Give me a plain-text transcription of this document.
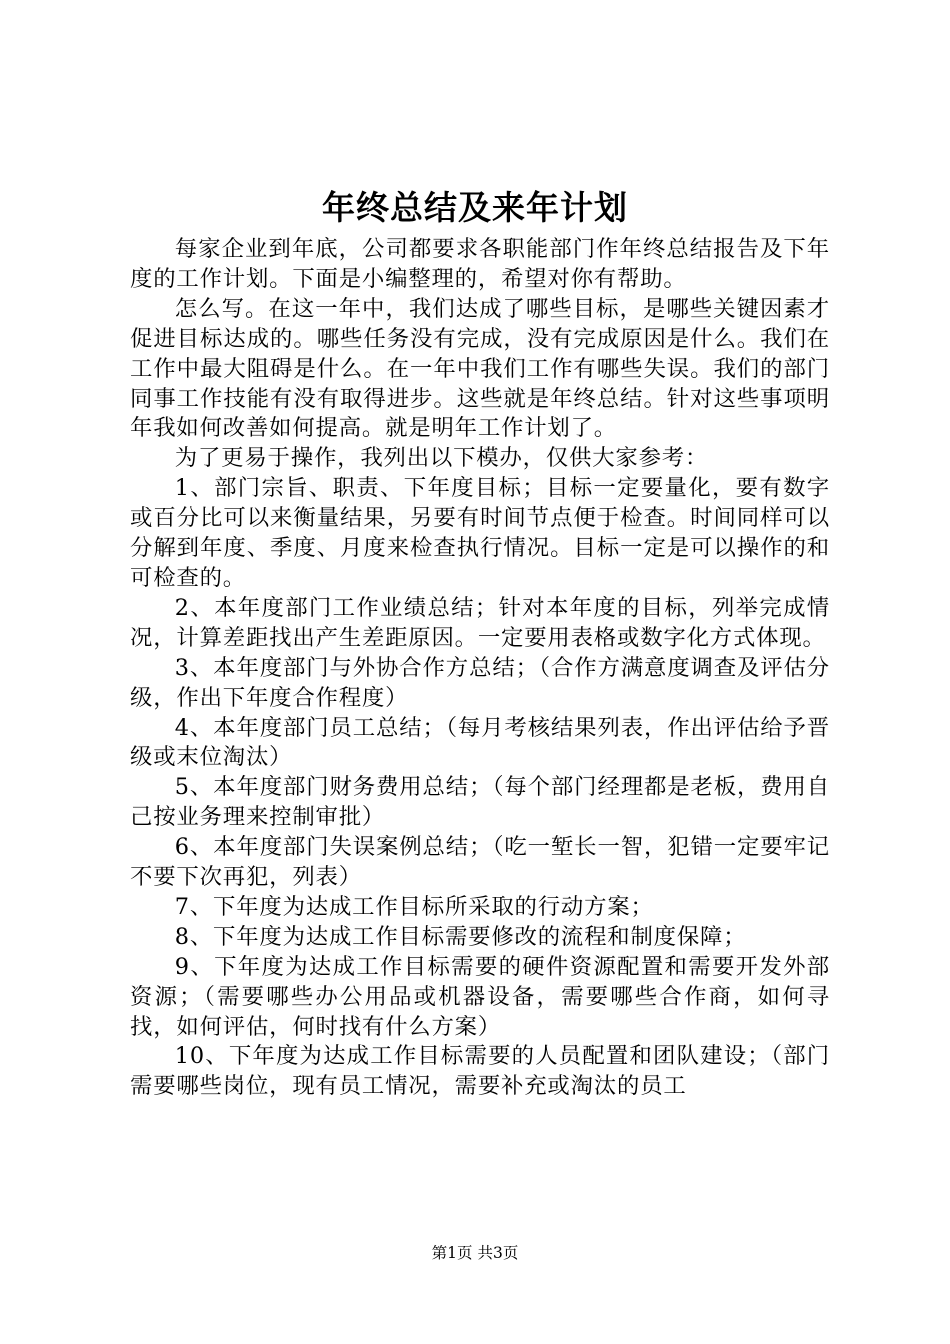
年终总结及来年计划

每家企业到年底，公司都要求各职能部门作年终总结报告及下年度的工作计划。下面是小编整理的，希望对你有帮助。

怎么写。在这一年中，我们达成了哪些目标，是哪些关键因素才促进目标达成的。哪些任务没有完成，没有完成原因是什么。我们在工作中最大阻碍是什么。在一年中我们工作有哪些失误。我们的部门同事工作技能有没有取得进步。这些就是年终总结。针对这些事项明年我如何改善如何提高。就是明年工作计划了。

为了更易于操作，我列出以下模办，仅供大家参考：

1、部门宗旨、职责、下年度目标；目标一定要量化，要有数字或百分比可以来衡量结果，另要有时间节点便于检查。时间同样可以分解到年度、季度、月度来检查执行情况。目标一定是可以操作的和可检查的。

2、本年度部门工作业绩总结；针对本年度的目标，列举完成情况，计算差距找出产生差距原因。一定要用表格或数字化方式体现。

3、本年度部门与外协合作方总结；（合作方满意度调查及评估分级，作出下年度合作程度）

4、本年度部门员工总结；（每月考核结果列表，作出评估给予晋级或末位淘汰）

5、本年度部门财务费用总结；（每个部门经理都是老板，费用自己按业务理来控制审批）

6、本年度部门失误案例总结；（吃一堑长一智，犯错一定要牢记不要下次再犯，列表）

7、下年度为达成工作目标所采取的行动方案；

8、下年度为达成工作目标需要修改的流程和制度保障；

9、下年度为达成工作目标需要的硬件资源配置和需要开发外部资源；（需要哪些办公用品或机器设备，需要哪些合作商，如何寻找，如何评估，何时找有什么方案）

10、下年度为达成工作目标需要的人员配置和团队建设；（部门需要哪些岗位，现有员工情况，需要补充或淘汰的员工

第1页 共3页
